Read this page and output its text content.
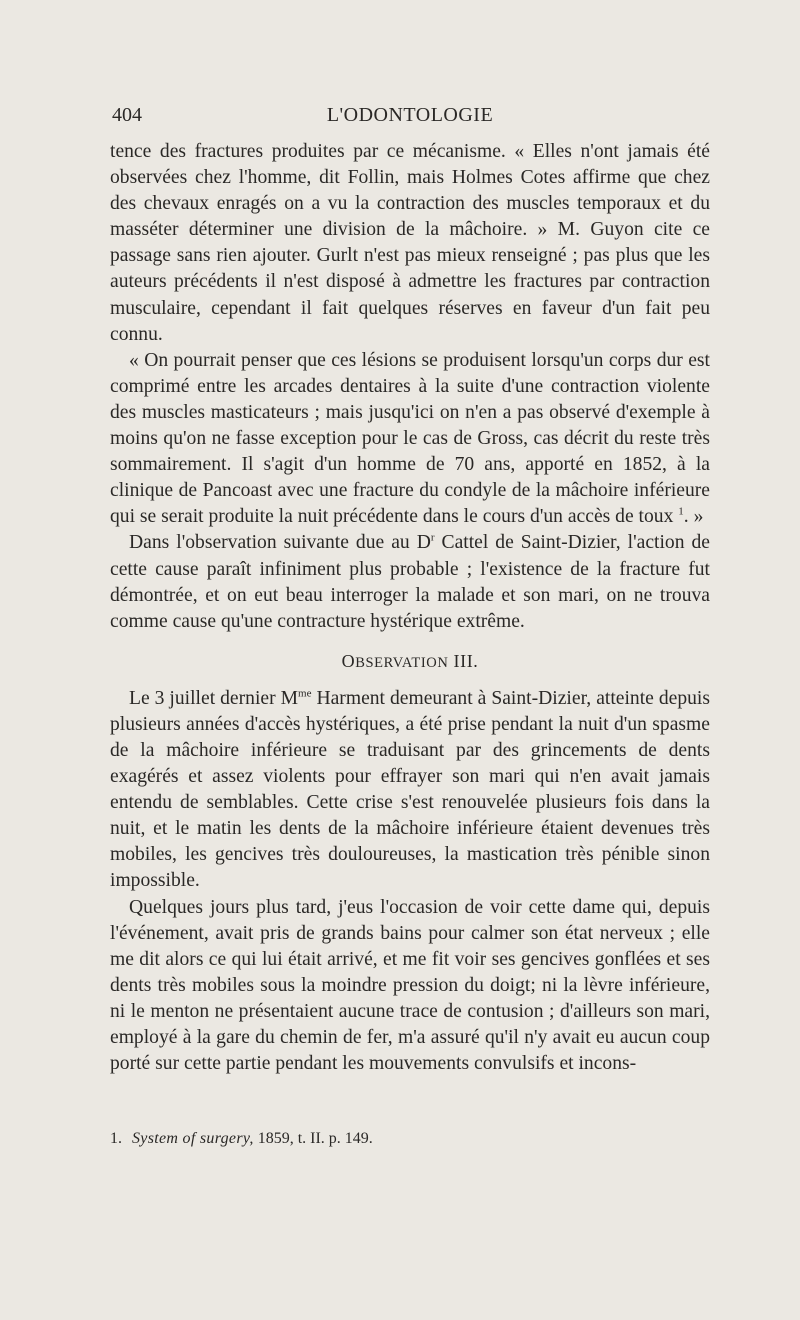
404	L'ODONTOLOGIE

tence des fractures produites par ce mécanisme. « Elles n'ont jamais été observées chez l'homme, dit Follin, mais Holmes Cotes affirme que chez des chevaux enragés on a vu la contraction des muscles temporaux et du masséter déterminer une division de la mâchoire. » M. Guyon cite ce passage sans rien ajouter. Gurlt n'est pas mieux renseigné ; pas plus que les auteurs précédents il n'est disposé à admettre les fractures par contraction musculaire, cependant il fait quelques réserves en faveur d'un fait peu connu.

« On pourrait penser que ces lésions se produisent lorsqu'un corps dur est comprimé entre les arcades dentaires à la suite d'une contraction violente des muscles masticateurs ; mais jusqu'ici on n'en a pas observé d'exemple à moins qu'on ne fasse exception pour le cas de Gross, cas décrit du reste très sommairement. Il s'agit d'un homme de 70 ans, apporté en 1852, à la clinique de Pancoast avec une fracture du condyle de la mâchoire inférieure qui se serait produite la nuit précédente dans le cours d'un accès de toux $^1$. »

Dans l'observation suivante due au $D^r$ Cattel de Saint-Dizier, l'action de cette cause paraît infiniment plus probable ; l'existence de la fracture fut démontrée, et on eut beau interroger la malade et son mari, on ne trouva comme cause qu'une contracture hystérique extrême.

OBSERVATION III.

Le 3 juillet dernier $M^{me}$ Harment demeurant à Saint-Dizier, atteinte depuis plusieurs années d'accès hystériques, a été prise pendant la nuit d'un spasme de la mâchoire inférieure se traduisant par des grincements de dents exagérés et assez violents pour effrayer son mari qui n'en avait jamais entendu de semblables. Cette crise s'est renouvelée plusieurs fois dans la nuit, et le matin les dents de la mâchoire inférieure étaient devenues très mobiles, les gencives très douloureuses, la mastication très pénible sinon impossible.

Quelques jours plus tard, j'eus l'occasion de voir cette dame qui, depuis l'événement, avait pris de grands bains pour calmer son état nerveux ; elle me dit alors ce qui lui était arrivé, et me fit voir ses gencives gonflées et ses dents très mobiles sous la moindre pression du doigt; ni la lèvre inférieure, ni le menton ne présentaient aucune trace de contusion ; d'ailleurs son mari, employé à la gare du chemin de fer, m'a assuré qu'il n'y avait eu aucun coup porté sur cette partie pendant les mouvements convulsifs et incons-

1. System of surgery, 1859, t. II. p. 149.
